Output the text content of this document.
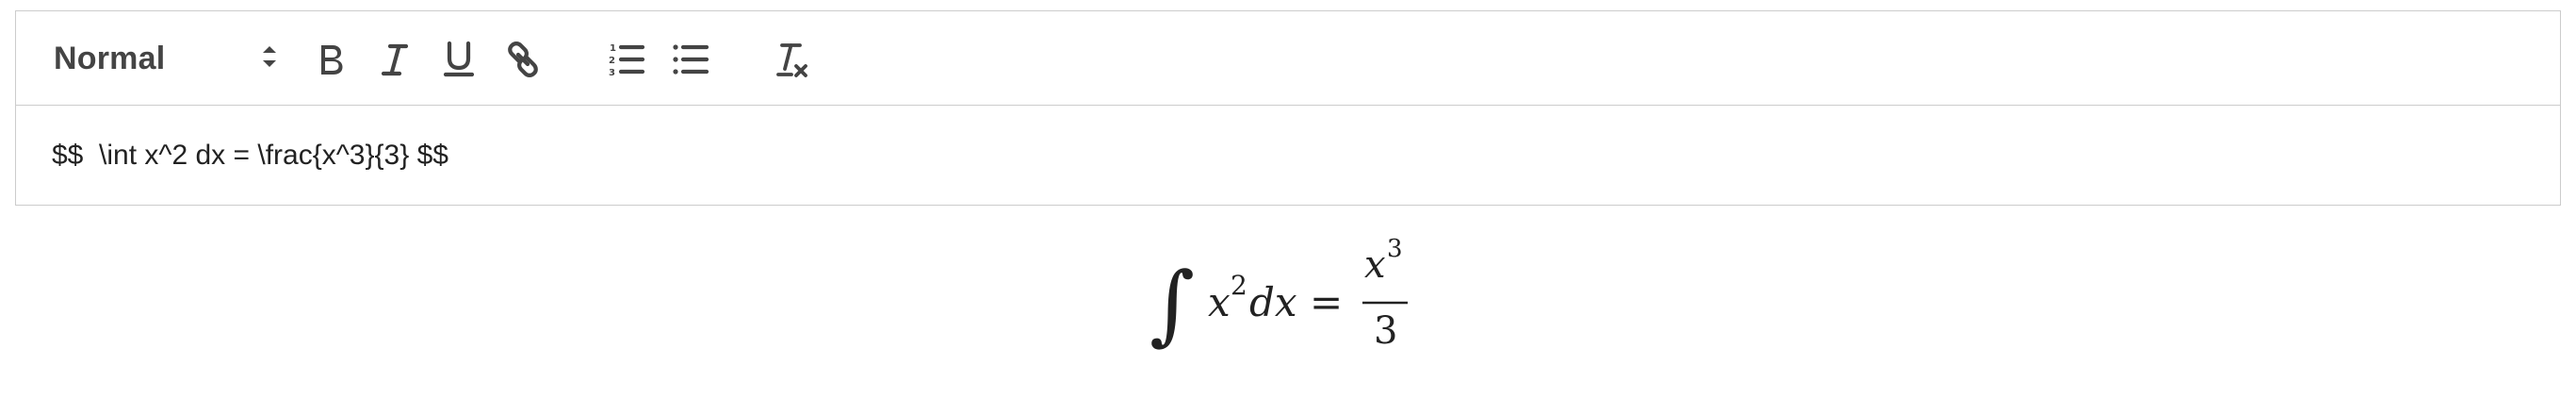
Normal	1
2
3
$$  \int x^2 dx = \frac{x^3}{3} $$
∫ x 2 dx =
x 3
3
